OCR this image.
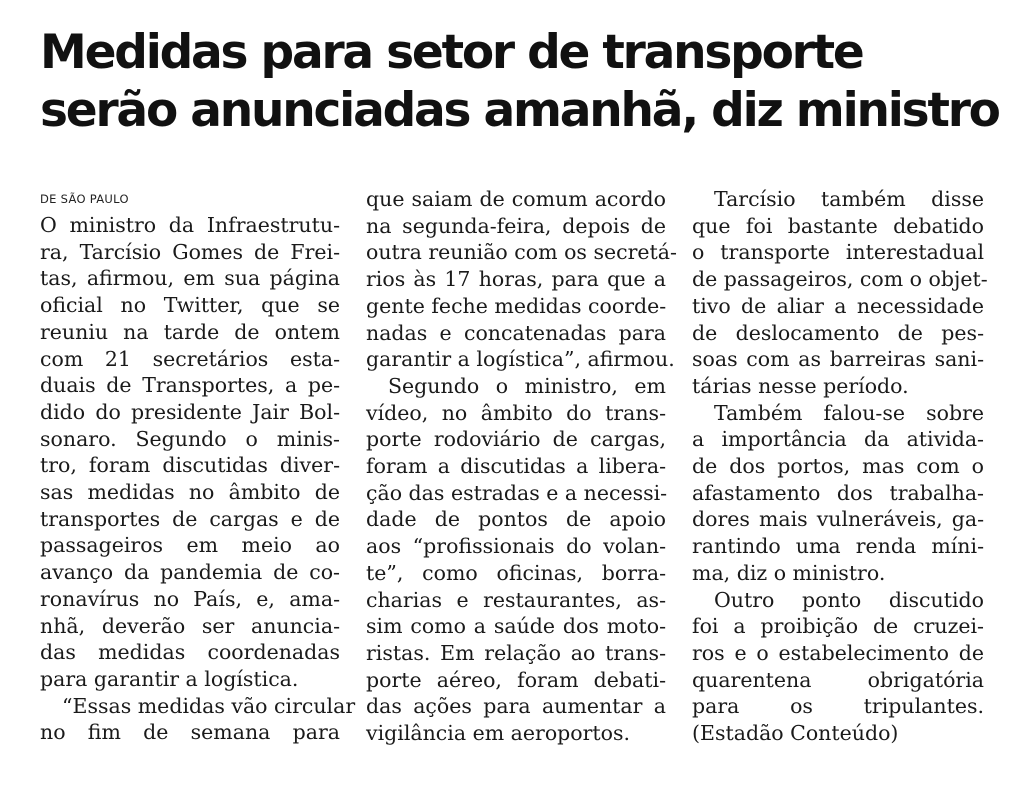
Medidas para setor de transporte
serão anunciadas amanhã, diz ministro
DE SÃO PAULO
O ministro da Infraestrutu-
ra, Tarcísio Gomes de Frei-
tas, afirmou, em sua página
oficial no Twitter, que se
reuniu na tarde de ontem
com 21 secretários esta-
duais de Transportes, a pe-
dido do presidente Jair Bol-
sonaro. Segundo o minis-
tro, foram discutidas diver-
sas medidas no âmbito de
transportes de cargas e de
passageiros em meio ao
avanço da pandemia de co-
ronavírus no País, e, ama-
nhã, deverão ser anuncia-
das medidas coordenadas
para garantir a logística.
“Essas medidas vão circular
no fim de semana para
que saiam de comum acordo
na segunda-feira, depois de
outra reunião com os secretá-
rios às 17 horas, para que a
gente feche medidas coorde-
nadas e concatenadas para
garantir a logística”, afirmou.
Segundo o ministro, em
vídeo, no âmbito do trans-
porte rodoviário de cargas,
foram a discutidas a libera-
ção das estradas e a necessi-
dade de pontos de apoio
aos “profissionais do volan-
te”, como oficinas, borra-
charias e restaurantes, as-
sim como a saúde dos moto-
ristas. Em relação ao trans-
porte aéreo, foram debati-
das ações para aumentar a
vigilância em aeroportos.
Tarcísio também disse
que foi bastante debatido
o transporte interestadual
de passageiros, com o objet-
tivo de aliar a necessidade
de deslocamento de pes-
soas com as barreiras sani-
tárias nesse período.
Também falou-se sobre
a importância da ativida-
de dos portos, mas com o
afastamento dos trabalha-
dores mais vulneráveis, ga-
rantindo uma renda míni-
ma, diz o ministro.
Outro ponto discutido
foi a proibição de cruzei-
ros e o estabelecimento de
quarentena obrigatória
para os tripulantes.
(Estadão Conteúdo)
